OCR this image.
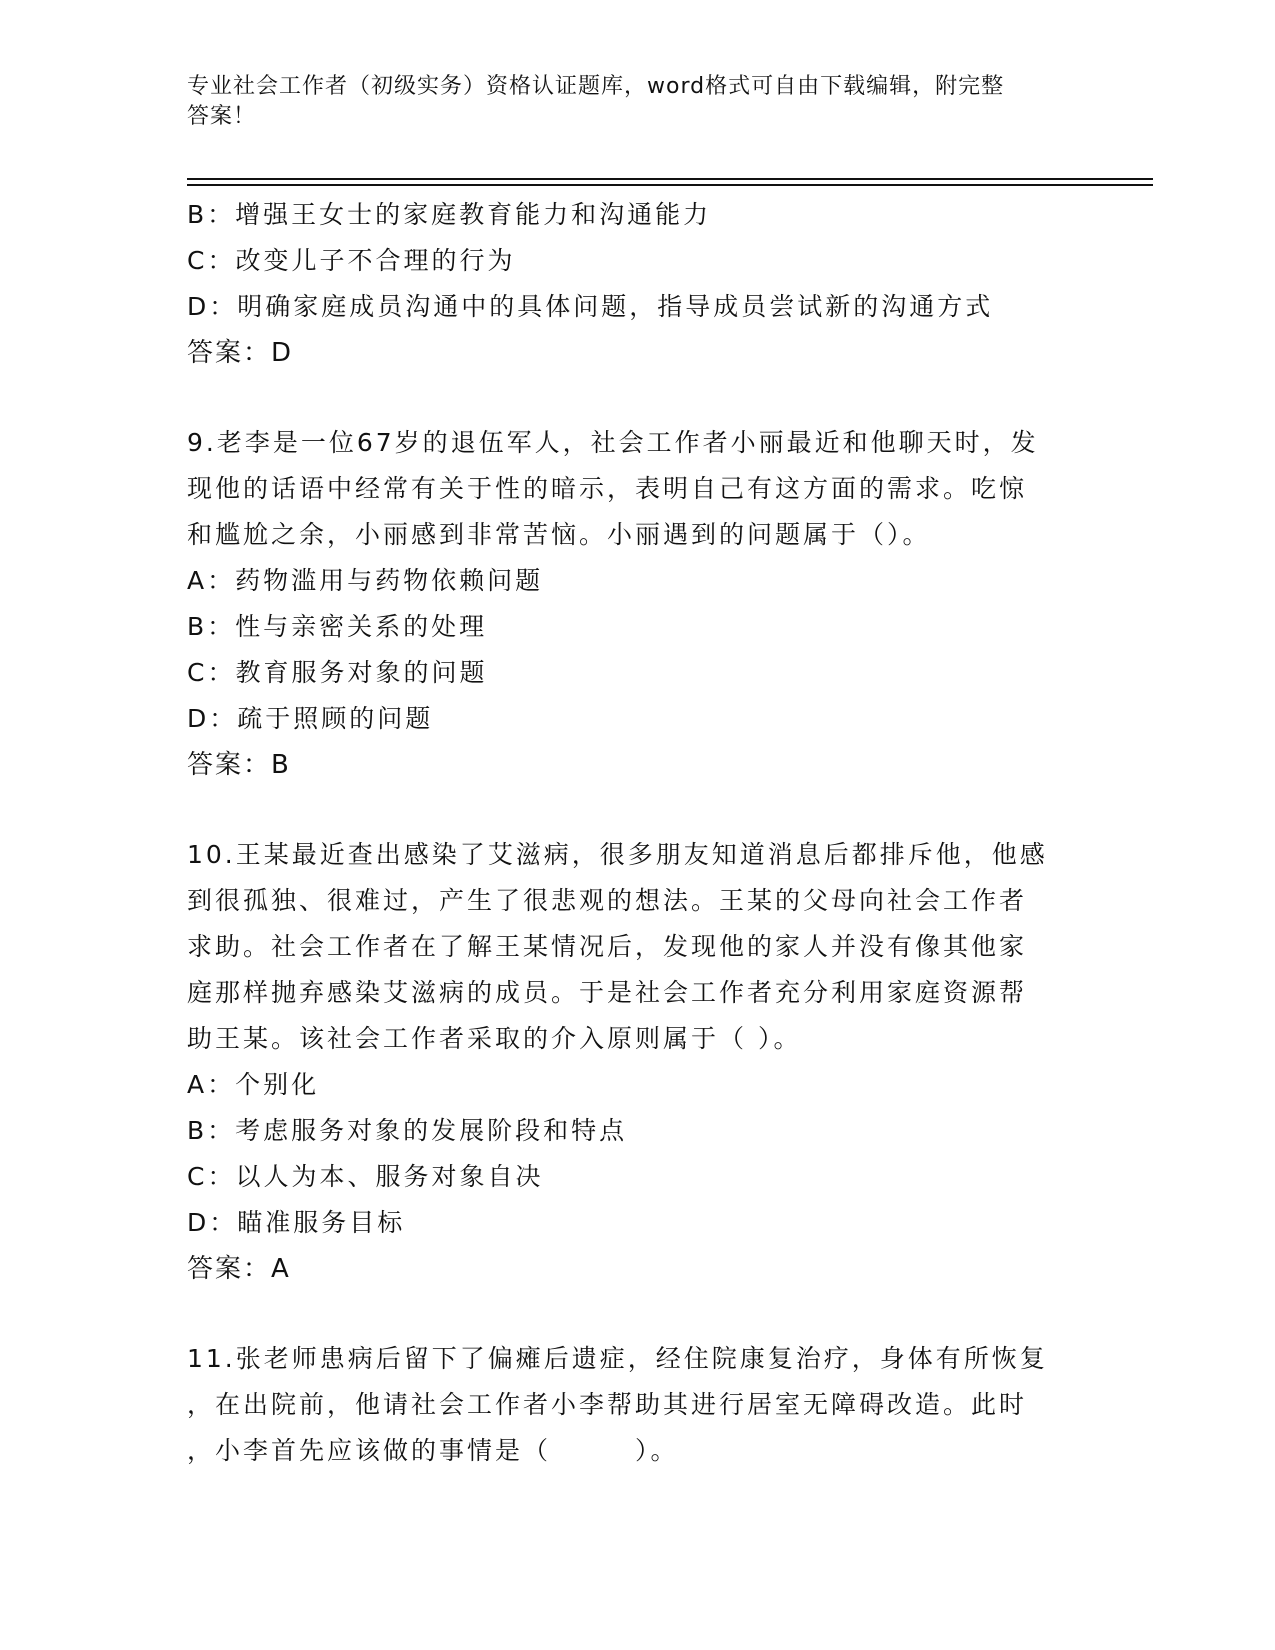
专业社会工作者（初级实务）资格认证题库，word格式可自由下载编辑，附完整
答案！
B：增强王女士的家庭教育能力和沟通能力
C：改变儿子不合理的行为
D：明确家庭成员沟通中的具体问题，指导成员尝试新的沟通方式
答案：D
9.老李是一位67岁的退伍军人，社会工作者小丽最近和他聊天时，发
现他的话语中经常有关于性的暗示，表明自己有这方面的需求。吃惊
和尴尬之余，小丽感到非常苦恼。小丽遇到的问题属于（）。
A：药物滥用与药物依赖问题
B：性与亲密关系的处理
C：教育服务对象的问题
D：疏于照顾的问题
答案：B
10.王某最近查出感染了艾滋病，很多朋友知道消息后都排斥他，他感
到很孤独、很难过，产生了很悲观的想法。王某的父母向社会工作者
求助。社会工作者在了解王某情况后，发现他的家人并没有像其他家
庭那样抛弃感染艾滋病的成员。于是社会工作者充分利用家庭资源帮
助王某。该社会工作者采取的介入原则属于（ ）。
A：个别化
B：考虑服务对象的发展阶段和特点
C：以人为本、服务对象自决
D：瞄准服务目标
答案：A
11.张老师患病后留下了偏瘫后遗症，经住院康复治疗，身体有所恢复
，在出院前，他请社会工作者小李帮助其进行居室无障碍改造。此时
，小李首先应该做的事情是（　　　）。
